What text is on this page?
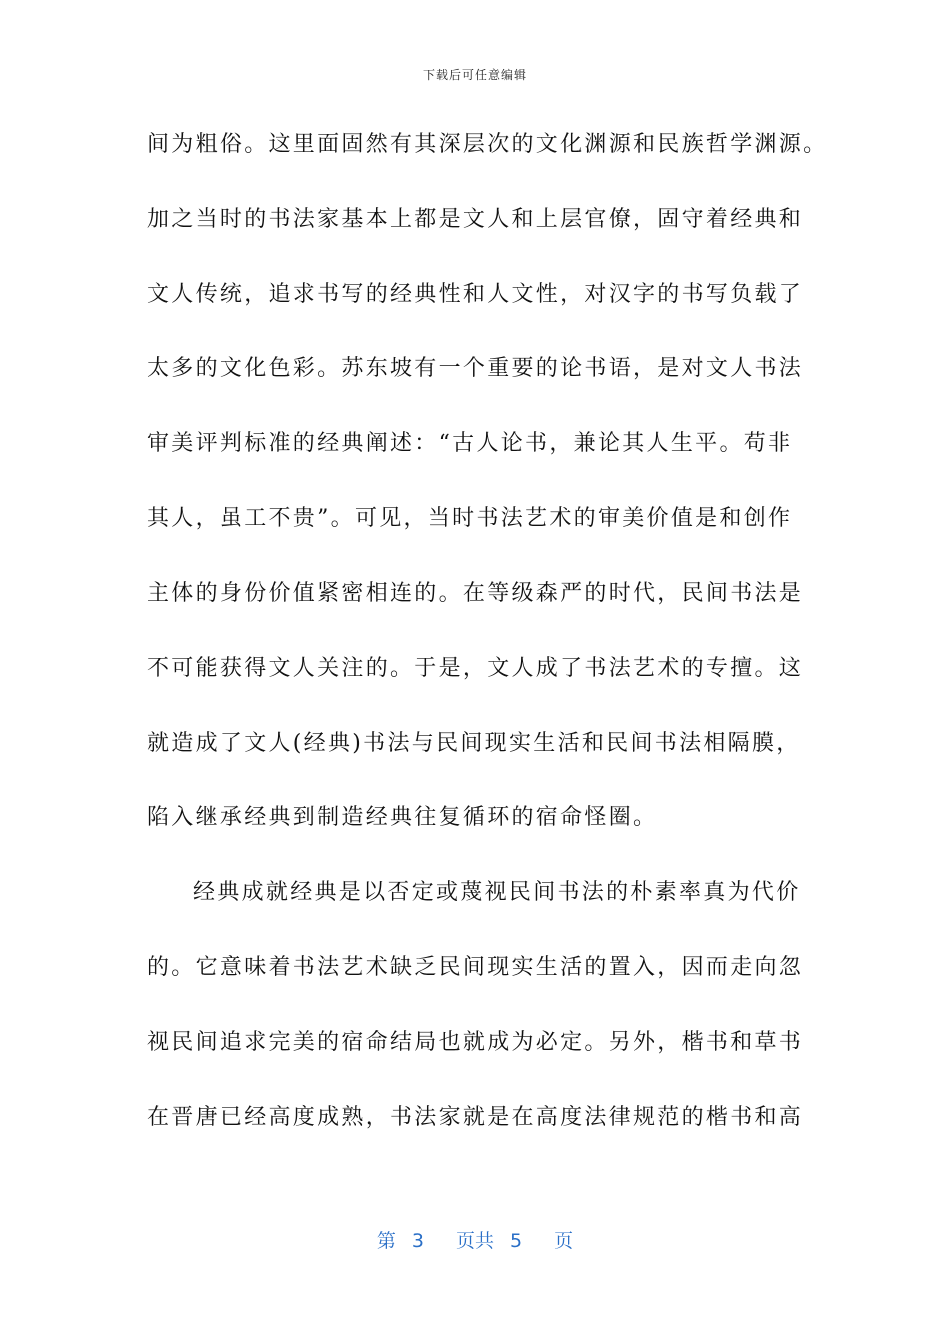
下载后可任意编辑
间为粗俗。这里面固然有其深层次的文化渊源和民族哲学渊源。
加之当时的书法家基本上都是文人和上层官僚，固守着经典和
文人传统，追求书写的经典性和人文性，对汉字的书写负载了
太多的文化色彩。苏东坡有一个重要的论书语，是对文人书法
审美评判标准的经典阐述：“古人论书，兼论其人生平。苟非
其人，虽工不贵”。可见，当时书法艺术的审美价值是和创作
主体的身份价值紧密相连的。在等级森严的时代，民间书法是
不可能获得文人关注的。于是，文人成了书法艺术的专擅。这
就造成了文人(经典)书法与民间现实生活和民间书法相隔膜，
陷入继承经典到制造经典往复循环的宿命怪圈。
经典成就经典是以否定或蔑视民间书法的朴素率真为代价
的。它意味着书法艺术缺乏民间现实生活的置入，因而走向忽
视民间追求完美的宿命结局也就成为必定。另外，楷书和草书
在晋唐已经高度成熟，书法家就是在高度法律规范的楷书和高
第 3 页共 5 页
